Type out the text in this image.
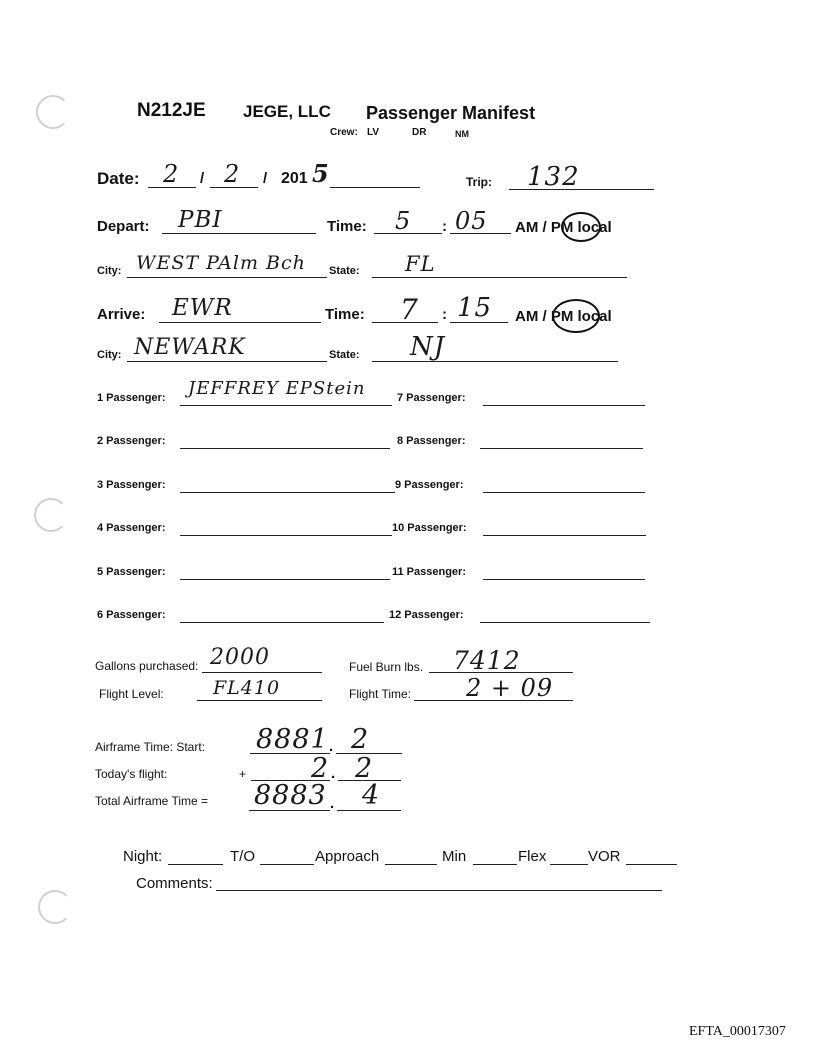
N212JE JEGE, LLC Passenger Manifest
Crew: LV	DR	NM
Date: 2 / 2 / 201 5	Trip: 132
Depart: PBI	Time: 5 : 05 AM / PM local
City: WEST PAlm Bch State: FL
Arrive: EWR	Time: 7 : 15 AM / PM local
City: NEWARK	State: NJ
1 Passenger: JEFFREY EPStein
2 Passenger:
3 Passenger:
4 Passenger:
5 Passenger:
6 Passenger:
7 Passenger:
8 Passenger:
9 Passenger:
10 Passenger:
11 Passenger:
12 Passenger:
Gallons purchased: 2000	Fuel Burn lbs. 7412
Flight Level:	FL410	Flight Time: 2 + 09
Airframe Time: Start: 8881 . 2
Today's flight:	+ 2 . 2
Total Airframe Time = 8883 . 4
Night:	T/O	Approach	Min	Flex	VOR
Comments:
EFTA_00017307
